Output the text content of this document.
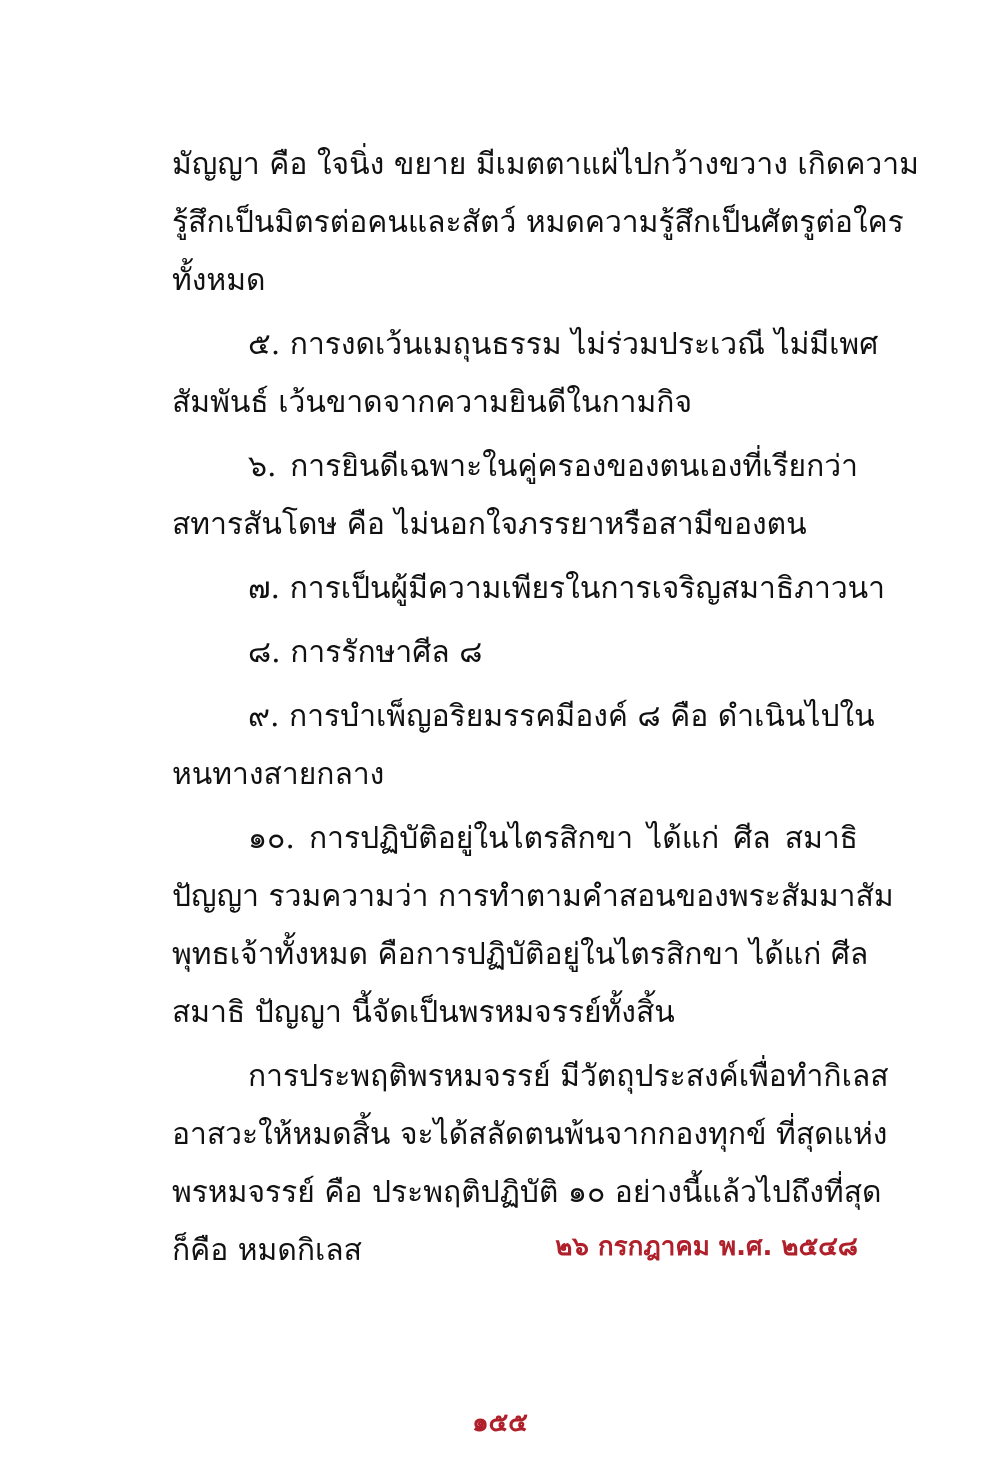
มัญญา คือ ใจนิ่ง ขยาย มีเมตตาแผ่ไปกว้างขวาง เกิดความ
รู้สึกเป็นมิตรต่อคนและสัตว์ หมดความรู้สึกเป็นศัตรูต่อใคร
ทั้งหมด

๕. การงดเว้นเมถุนธรรม ไม่ร่วมประเวณี ไม่มีเพศ
สัมพันธ์ เว้นขาดจากความยินดีในกามกิจ

๖. การยินดีเฉพาะในคู่ครองของตนเองที่เรียกว่า
สทารสันโดษ คือ ไม่นอกใจภรรยาหรือสามีของตน

๗. การเป็นผู้มีความเพียรในการเจริญสมาธิภาวนา

๘. การรักษาศีล ๘

๙. การบำเพ็ญอริยมรรคมีองค์ ๘ คือ ดำเนินไปใน
หนทางสายกลาง

๑๐. การปฏิบัติอยู่ในไตรสิกขา ได้แก่ ศีล สมาธิ
ปัญญา รวมความว่า การทำตามคำสอนของพระสัมมาสัม
พุทธเจ้าทั้งหมด คือการปฏิบัติอยู่ในไตรสิกขา ได้แก่ ศีล
สมาธิ ปัญญา นี้จัดเป็นพรหมจรรย์ทั้งสิ้น

การประพฤติพรหมจรรย์ มีวัตถุประสงค์เพื่อทำกิเลส
อาสวะให้หมดสิ้น จะได้สลัดตนพ้นจากกองทุกข์ ที่สุดแห่ง
พรหมจรรย์ คือ ประพฤติปฏิบัติ ๑๐ อย่างนี้แล้วไปถึงที่สุด
ก็คือ หมดกิเลส	๒๖ กรกฎาคม พ.ศ. ๒๕๔๘
๑๕๕
